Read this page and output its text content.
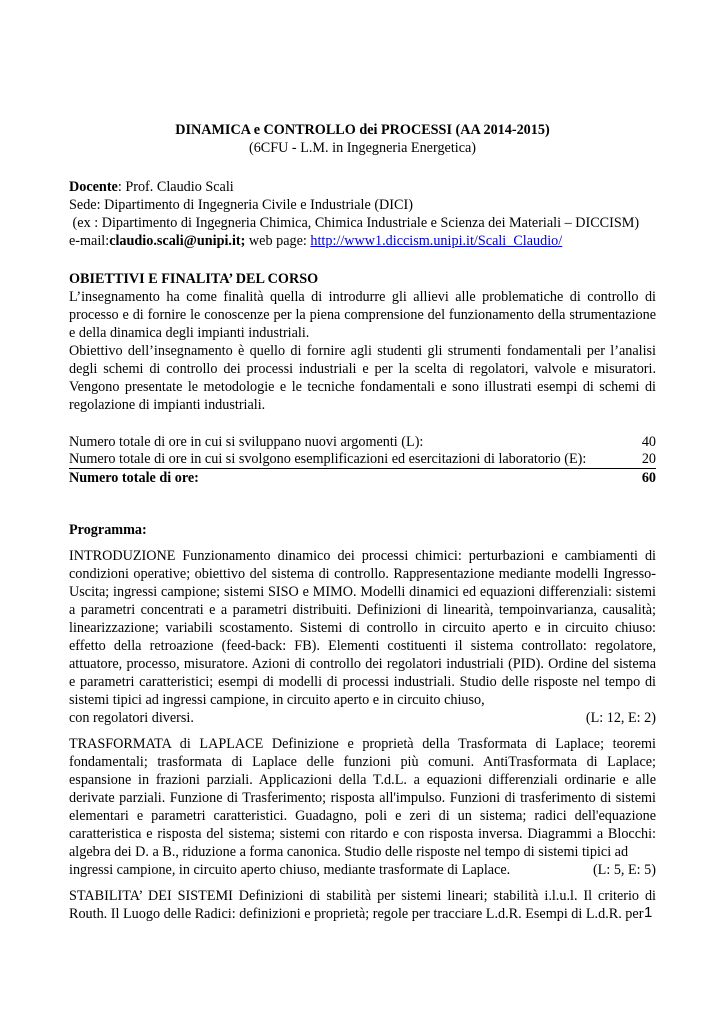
DINAMICA e CONTROLLO dei PROCESSI (AA 2014-2015)

(6CFU - L.M. in Ingegneria Energetica)

Docente: Prof. Claudio Scali

Sede: Dipartimento di Ingegneria Civile e Industriale (DICI)

(ex : Dipartimento di Ingegneria Chimica, Chimica Industriale e Scienza dei Materiali – DICCISM)

e-mail:claudio.scali@unipi.it; web page: http://www1.diccism.unipi.it/Scali_Claudio/

OBIETTIVI E FINALITA’ DEL CORSO

L’insegnamento ha come finalità quella di introdurre gli allievi alle problematiche di controllo di processo e di fornire le conoscenze per la piena comprensione del funzionamento della strumentazione e della dinamica degli impianti industriali.

Obiettivo dell’insegnamento è quello di fornire agli studenti gli strumenti fondamentali per l’analisi degli schemi di controllo dei processi industriali e per la scelta di regolatori, valvole e misuratori. Vengono presentate le metodologie e le tecniche fondamentali e sono illustrati esempi di schemi di regolazione di impianti industriali.

Numero totale di ore in cui si sviluppano nuovi argomenti (L):	40
Numero totale di ore in cui si svolgono esemplificazioni ed esercitazioni di laboratorio (E):	20
Numero totale di ore:	60

Programma:

INTRODUZIONE Funzionamento dinamico dei processi chimici: perturbazioni e cambiamenti di condizioni operative; obiettivo del sistema di controllo. Rappresentazione mediante modelli Ingresso-Uscita; ingressi campione; sistemi SISO e MIMO. Modelli dinamici ed equazioni differenziali: sistemi a parametri concentrati e a parametri distribuiti. Definizioni di linearità, tempoinvarianza, causalità; linearizzazione; variabili scostamento. Sistemi di controllo in circuito aperto e in circuito chiuso: effetto della retroazione (feed-back: FB). Elementi costituenti il sistema controllato: regolatore, attuatore, processo, misuratore. Azioni di controllo dei regolatori industriali (PID). Ordine del sistema e parametri caratteristici; esempi di modelli di processi industriali. Studio delle risposte nel tempo di sistemi tipici ad ingressi campione, in circuito aperto e in circuito chiuso,
con regolatori diversi.	(L: 12, E: 2)
TRASFORMATA di LAPLACE Definizione e proprietà della Trasformata di Laplace; teoremi fondamentali; trasformata di Laplace delle funzioni più comuni. AntiTrasformata di Laplace; espansione in frazioni parziali. Applicazioni della T.d.L. a equazioni differenziali ordinarie e alle derivate parziali. Funzione di Trasferimento; risposta all'impulso. Funzioni di trasferimento di sistemi elementari e parametri caratteristici. Guadagno, poli e zeri di un sistema; radici dell'equazione caratteristica e risposta del sistema; sistemi con ritardo e con risposta inversa. Diagrammi a Blocchi: algebra dei D. a B., riduzione a forma canonica. Studio delle risposte nel tempo di sistemi tipici ad
ingressi campione, in circuito aperto chiuso, mediante trasformate di Laplace.	(L: 5, E: 5)
STABILITA’ DEI SISTEMI Definizioni di stabilità per sistemi lineari; stabilità i.l.u.l. Il criterio di Routh. Il Luogo delle Radici: definizioni e proprietà; regole per tracciare L.d.R. Esempi di L.d.R. per 1
